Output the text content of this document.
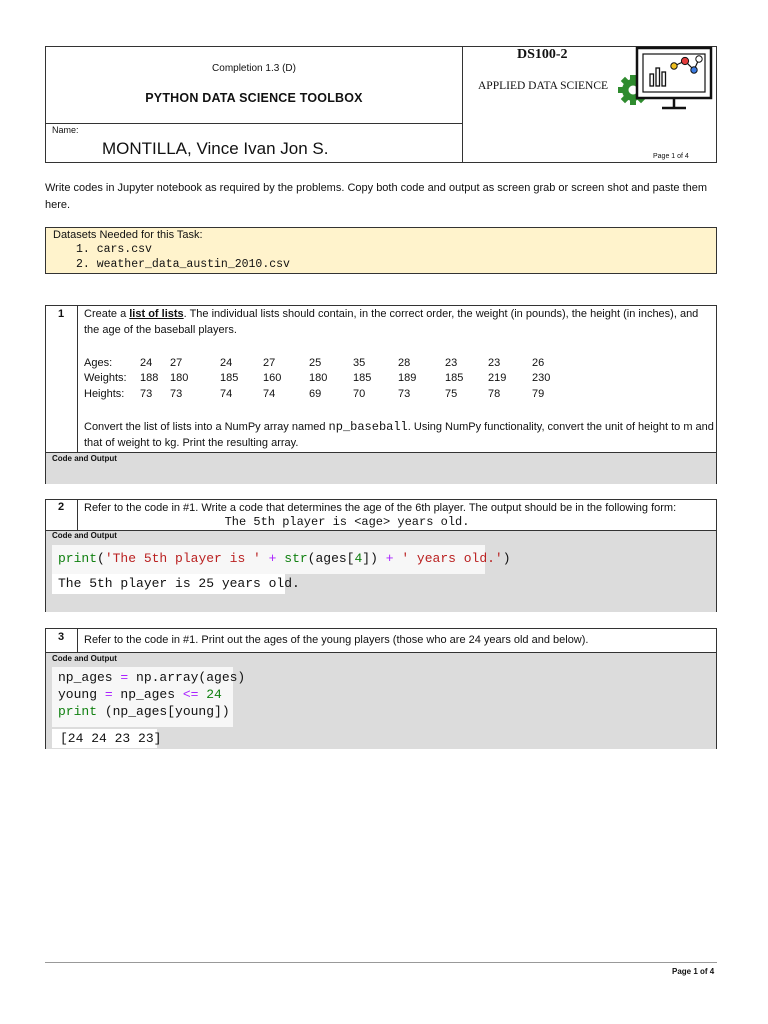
Completion 1.3 (D)
PYTHON DATA SCIENCE TOOLBOX
Name:
MONTILLA, Vince Ivan Jon S.
DS100-2
APPLIED DATA SCIENCE
Page 1 of 4
Write codes in Jupyter notebook as required by the problems. Copy both code and output as screen grab or screen shot and paste them here.
Datasets Needed for this Task:
1. cars.csv
2. weather_data_austin_2010.csv
1	Create a list of lists. The individual lists should contain, in the correct order, the weight (in pounds), the height (in inches), and the age of the baseball players.
Ages:	24	27	24	27	25	35	28	23	23	26
Weights:	188	180	185	160	180	185	189	185	219	230
Heights:	73	73	74	74	69	70	73	75	78	79
Convert the list of lists into a NumPy array named np_baseball. Using NumPy functionality, convert the unit of height to m and that of weight to kg. Print the resulting array.
Code and Output
2	Refer to the code in #1. Write a code that determines the age of the 6th player. The output should be in the following form:
The 5th player is <age> years old.
Code and Output
print('The 5th player is ' + str(ages[4]) + ' years old.')
The 5th player is 25 years old.
3	Refer to the code in #1. Print out the ages of the young players (those who are 24 years old and below).
Code and Output
np_ages = np.array(ages)
young = np_ages <= 24
print (np_ages[young])
[24 24 23 23]
Page 1 of 4
